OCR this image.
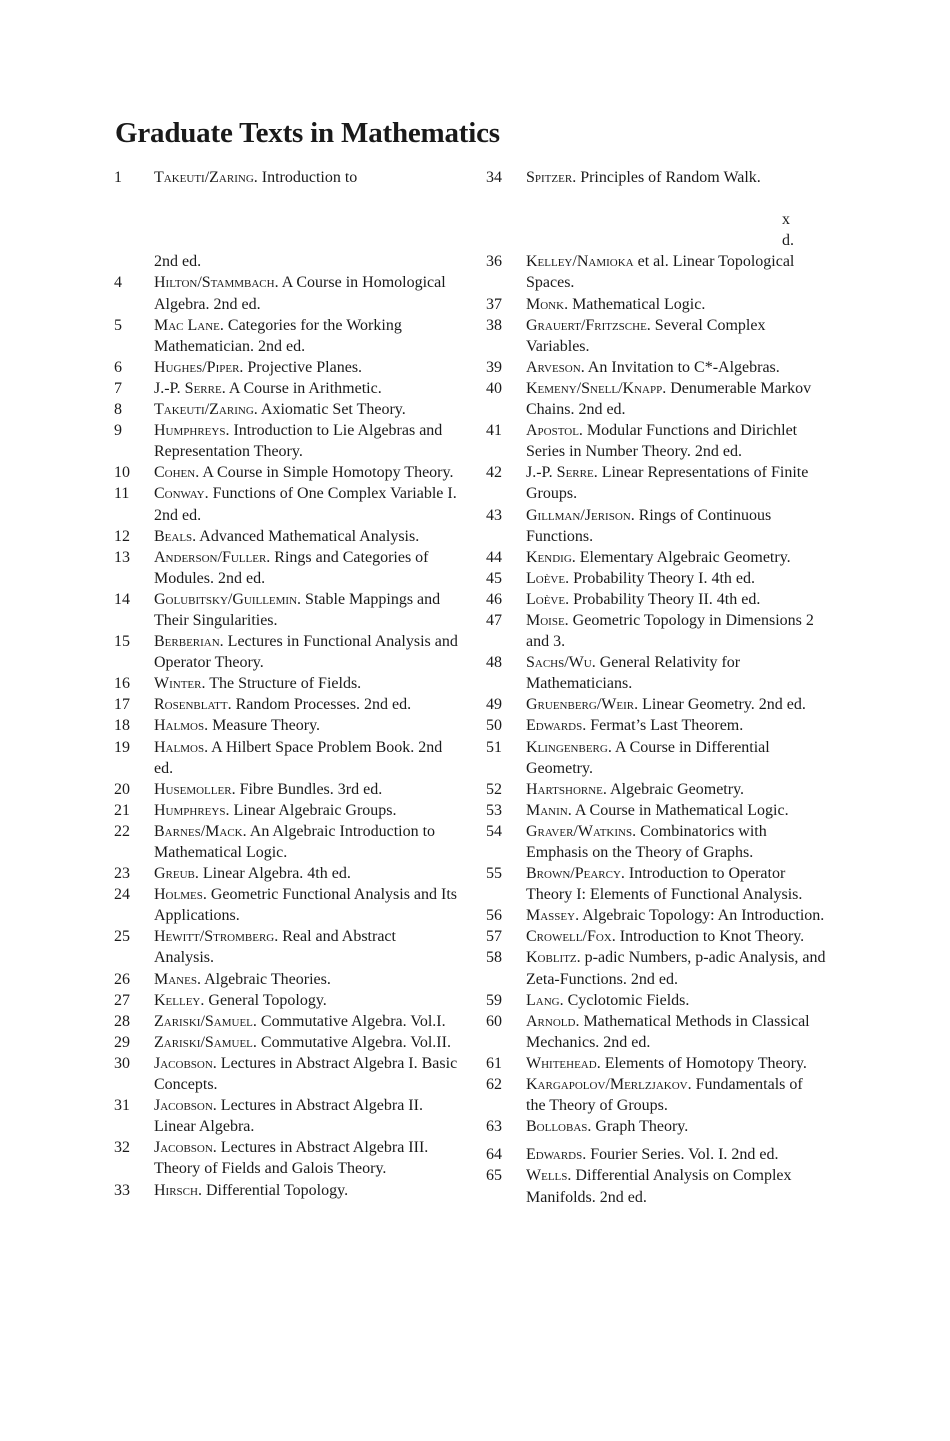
Graduate Texts in Mathematics
1 Takeuti/Zaring. Introduction to
2nd ed.
4 Hilton/Stammbach. A Course in Homological Algebra. 2nd ed.
5 Mac Lane. Categories for the Working Mathematician. 2nd ed.
6 Hughes/Piper. Projective Planes.
7 J.-P. Serre. A Course in Arithmetic.
8 Takeuti/Zaring. Axiomatic Set Theory.
9 Humphreys. Introduction to Lie Algebras and Representation Theory.
10 Cohen. A Course in Simple Homotopy Theory.
11 Conway. Functions of One Complex Variable I. 2nd ed.
12 Beals. Advanced Mathematical Analysis.
13 Anderson/Fuller. Rings and Categories of Modules. 2nd ed.
14 Golubitsky/Guillemin. Stable Mappings and Their Singularities.
15 Berberian. Lectures in Functional Analysis and Operator Theory.
16 Winter. The Structure of Fields.
17 Rosenblatt. Random Processes. 2nd ed.
18 Halmos. Measure Theory.
19 Halmos. A Hilbert Space Problem Book. 2nd ed.
20 Husemoller. Fibre Bundles. 3rd ed.
21 Humphreys. Linear Algebraic Groups.
22 Barnes/Mack. An Algebraic Introduction to Mathematical Logic.
23 Greub. Linear Algebra. 4th ed.
24 Holmes. Geometric Functional Analysis and Its Applications.
25 Hewitt/Stromberg. Real and Abstract Analysis.
26 Manes. Algebraic Theories.
27 Kelley. General Topology.
28 Zariski/Samuel. Commutative Algebra. Vol.I.
29 Zariski/Samuel. Commutative Algebra. Vol.II.
30 Jacobson. Lectures in Abstract Algebra I. Basic Concepts.
31 Jacobson. Lectures in Abstract Algebra II. Linear Algebra.
32 Jacobson. Lectures in Abstract Algebra III. Theory of Fields and Galois Theory.
33 Hirsch. Differential Topology.
34 Spitzer. Principles of Random Walk.
36 Kelley/Namioka et al. Linear Topological Spaces.
37 Monk. Mathematical Logic.
38 Grauert/Fritzsche. Several Complex Variables.
39 Arveson. An Invitation to C*-Algebras.
40 Kemeny/Snell/Knapp. Denumerable Markov Chains. 2nd ed.
41 Apostol. Modular Functions and Dirichlet Series in Number Theory. 2nd ed.
42 J.-P. Serre. Linear Representations of Finite Groups.
43 Gillman/Jerison. Rings of Continuous Functions.
44 Kendig. Elementary Algebraic Geometry.
45 Loève. Probability Theory I. 4th ed.
46 Loève. Probability Theory II. 4th ed.
47 Moise. Geometric Topology in Dimensions 2 and 3.
48 Sachs/Wu. General Relativity for Mathematicians.
49 Gruenberg/Weir. Linear Geometry. 2nd ed.
50 Edwards. Fermat’s Last Theorem.
51 Klingenberg. A Course in Differential Geometry.
52 Hartshorne. Algebraic Geometry.
53 Manin. A Course in Mathematical Logic.
54 Graver/Watkins. Combinatorics with Emphasis on the Theory of Graphs.
55 Brown/Pearcy. Introduction to Operator Theory I: Elements of Functional Analysis.
56 Massey. Algebraic Topology: An Introduction.
57 Crowell/Fox. Introduction to Knot Theory.
58 Koblitz. p-adic Numbers, p-adic Analysis, and Zeta-Functions. 2nd ed.
59 Lang. Cyclotomic Fields.
60 Arnold. Mathematical Methods in Classical Mechanics. 2nd ed.
61 Whitehead. Elements of Homotopy Theory.
62 Kargapolov/Merlzjakov. Fundamentals of the Theory of Groups.
63 Bollobas. Graph Theory.
64 Edwards. Fourier Series. Vol. I. 2nd ed.
65 Wells. Differential Analysis on Complex Manifolds. 2nd ed.
x
d.
